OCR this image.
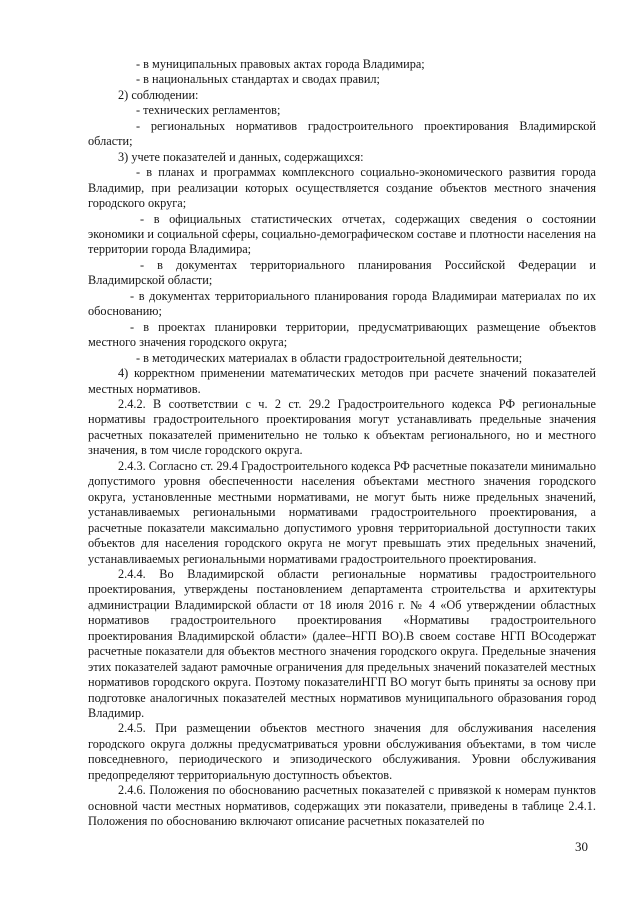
- в муниципальных правовых актах города Владимира;

- в национальных стандартах и сводах правил;

2) соблюдении:

- технических регламентов;

- региональных нормативов градостроительного проектирования Владимирской области;

3) учете показателей и данных, содержащихся:

- в планах и программах комплексного социально-экономического развития города Владимир, при реализации которых осуществляется создание объектов местного значения городского округа;

- в официальных статистических отчетах, содержащих сведения о состоянии экономики и социальной сферы, социально-демографическом составе и плотности населения на территории города Владимира;

- в документах территориального планирования Российской Федерации и Владимирской области;

- в документах территориального планирования города Владимираи материалах по их обоснованию;

- в проектах планировки территории, предусматривающих размещение объектов местного значения городского округа;

- в методических материалах в области градостроительной деятельности;

4) корректном применении математических методов при расчете значений показателей местных нормативов.

2.4.2. В соответствии с ч. 2 ст. 29.2 Градостроительного кодекса РФ региональные нормативы градостроительного проектирования могут устанавливать предельные значения расчетных показателей применительно не только к объектам регионального, но и местного значения, в том числе городского округа.

2.4.3. Согласно ст. 29.4 Градостроительного кодекса РФ расчетные показатели минимально допустимого уровня обеспеченности населения объектами местного значения городского округа, установленные местными нормативами, не могут быть ниже предельных значений, устанавливаемых региональными нормативами градостроительного проектирования, а расчетные показатели максимально допустимого уровня территориальной доступности таких объектов для населения городского округа не могут превышать этих предельных значений, устанавливаемых региональными нормативами градостроительного проектирования.

2.4.4. Во Владимирской области региональные нормативы градостроительного проектирования, утверждены постановлением департамента строительства и архитектуры администрации Владимирской области от 18 июля 2016 г. № 4 «Об утверждении областных нормативов градостроительного проектирования «Нормативы градостроительного проектирования Владимирской области» (далее–НГП ВО).В своем составе НГП ВОсодержат расчетные показатели для объектов местного значения городского округа. Предельные значения этих показателей задают рамочные ограничения для предельных значений показателей местных нормативов городского округа. Поэтому показателиНГП ВО могут быть приняты за основу при подготовке аналогичных показателей местных нормативов муниципального образования город Владимир.

2.4.5. При размещении объектов местного значения для обслуживания населения городского округа должны предусматриваться уровни обслуживания объектами, в том числе повседневного, периодического и эпизодического обслуживания. Уровни обслуживания предопределяют территориальную доступность объектов.

2.4.6. Положения по обоснованию расчетных показателей с привязкой к номерам пунктов основной части местных нормативов, содержащих эти показатели, приведены в таблице 2.4.1. Положения по обоснованию включают описание расчетных показателей по

30
